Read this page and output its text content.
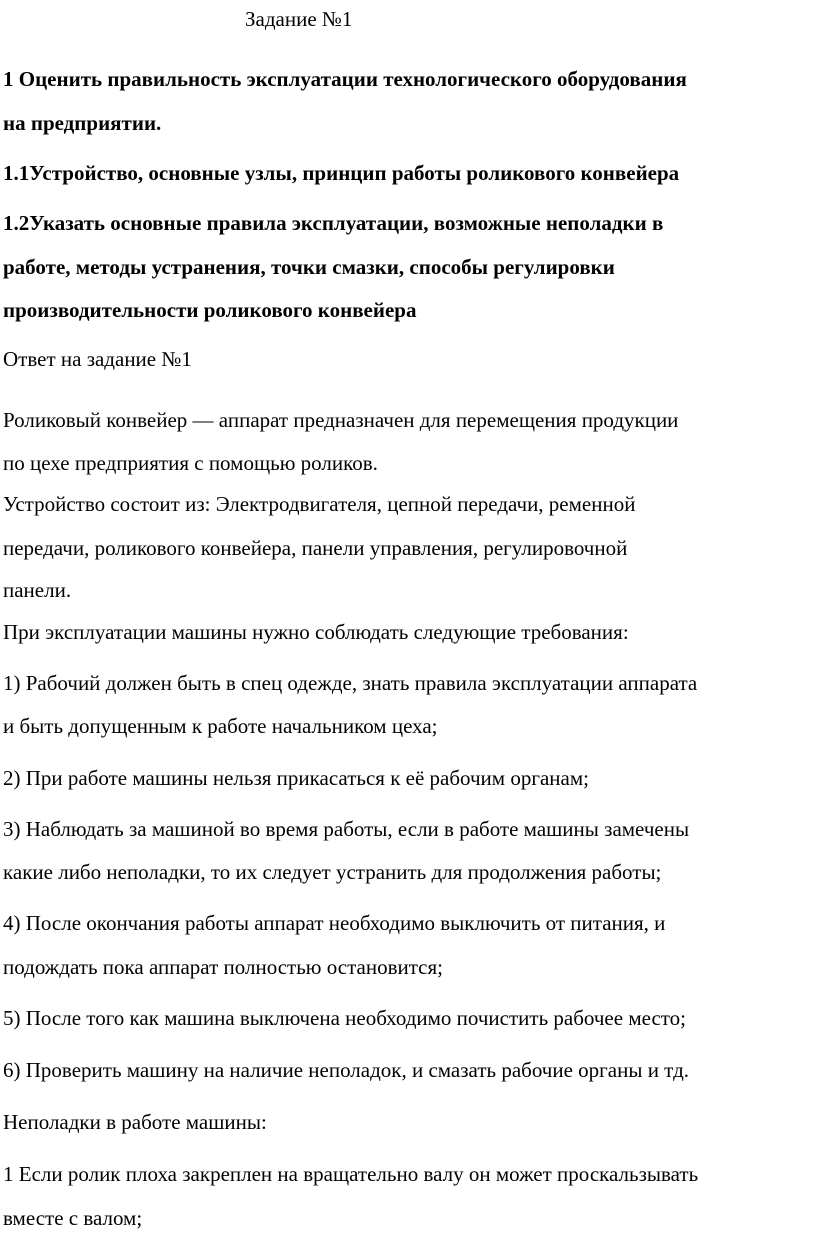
Задание №1

1 Оценить правильность эксплуатации технологического оборудования

на предприятии.

1.1Устройство, основные узлы, принцип работы роликового конвейера

1.2Указать основные правила эксплуатации, возможные неполадки в

работе, методы устранения, точки смазки, способы регулировки

производительности роликового конвейера

Ответ на задание №1

Роликовый конвейер — аппарат предназначен для перемещения продукции

по цехе предприятия с помощью роликов.

Устройство состоит из: Электродвигателя, цепной передачи, ременной

передачи, роликового конвейера, панели управления, регулировочной

панели.

При эксплуатации машины нужно соблюдать следующие требования:

1) Рабочий должен быть в спец одежде, знать правила эксплуатации аппарата

и быть допущенным к работе начальником цеха;

2) При работе машины нельзя прикасаться к её рабочим органам;

3) Наблюдать за машиной во время работы, если в работе машины замечены

какие либо неполадки, то их следует устранить для продолжения работы;

4) После окончания работы аппарат необходимо выключить от питания, и

подождать пока аппарат полностью остановится;

5) После того как машина выключена необходимо почистить рабочее место;

6) Проверить машину на наличие неполадок, и смазать рабочие органы и тд.

Неполадки в работе машины:

1 Если ролик плоха закреплен на вращательно валу он может проскальзывать

вместе с валом;
